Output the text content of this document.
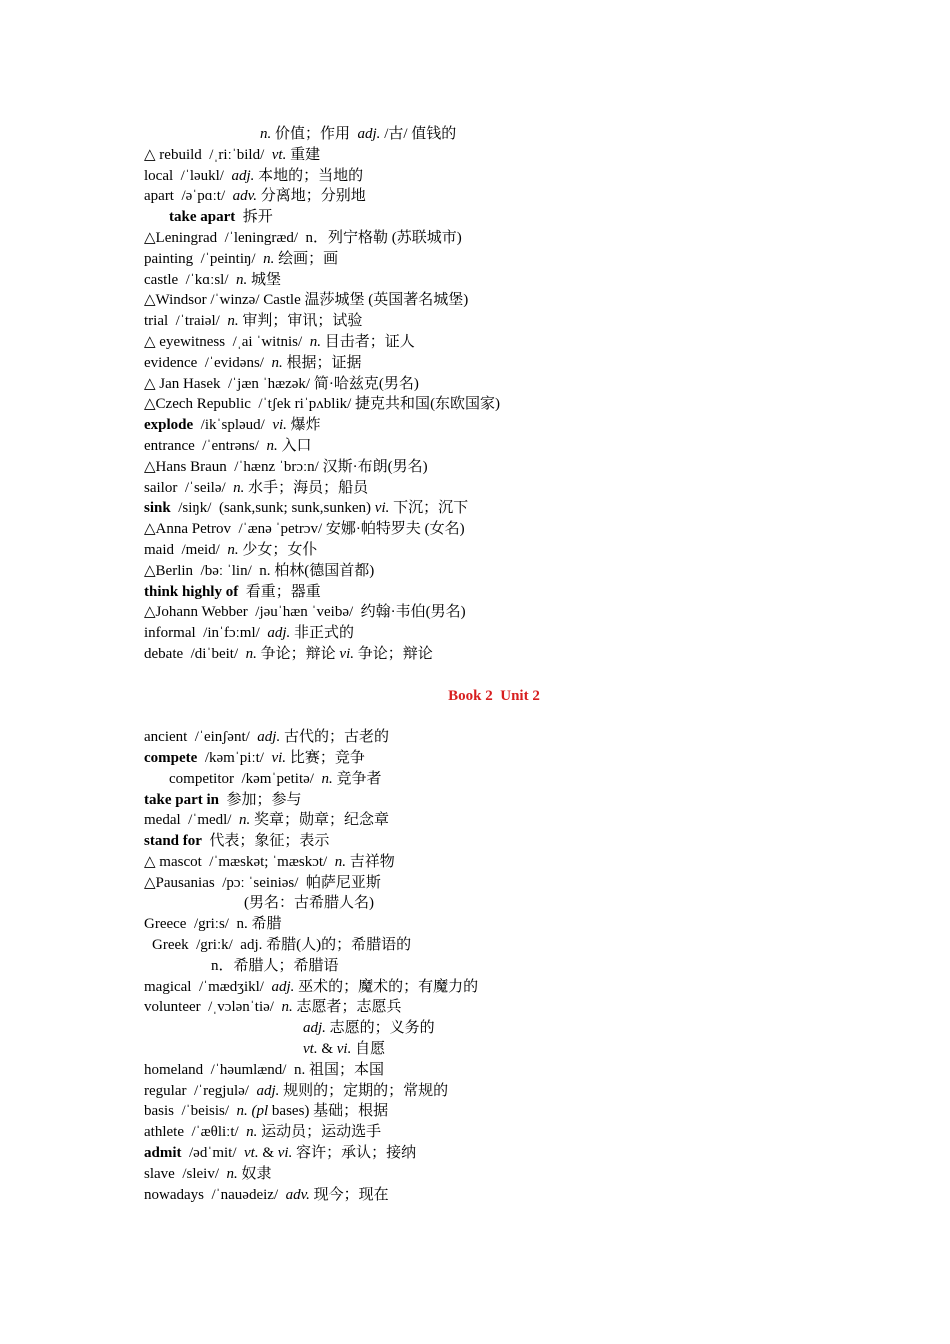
n. 价值；作用  adj. /古/ 值钱的
△ rebuild  /ˌriːˈbild/  vt. 重建
local  /ˈləukl/  adj. 本地的；当地的
apart  /əˈpɑːt/  adv. 分离地；分别地
take apart  拆开
△Leningrad  /ˈleningræd/  n．列宁格勒 (苏联城市)
painting  /ˈpeintiŋ/  n. 绘画；画
castle  /ˈkɑːsl/  n. 城堡
△Windsor /ˈwinzə/ Castle 温莎城堡 (英国著名城堡)
trial  /ˈtraiəl/  n. 审判；审讯；试验
△ eyewitness  /ˌai ˈwitnis/  n. 目击者；证人
evidence  /ˈevidəns/  n. 根据；证据
△ Jan Hasek  /ˈjæn ˈhæzək/ 简·哈兹克(男名)
△Czech Republic  /ˈtʃek riˈpʌblik/ 捷克共和国(东欧国家)
explode  /ikˈspləud/  vi. 爆炸
entrance  /ˈentrəns/  n. 入口
△Hans Braun  /ˈhænz ˈbrɔːn/ 汉斯·布朗(男名)
sailor  /ˈseilə/  n. 水手；海员；船员
sink  /siŋk/  (sank,sunk; sunk,sunken) vi. 下沉；沉下
△Anna Petrov  /ˈænə ˈpetrɔv/ 安娜·帕特罗夫 (女名)
maid  /meid/  n. 少女；女仆
△Berlin  /bəː ˈlin/  n. 柏林(德国首都)
think highly of  看重；器重
△Johann Webber  /jəuˈhæn ˈveibə/  约翰·韦伯(男名)
informal  /inˈfɔːml/  adj. 非正式的
debate  /diˈbeit/  n. 争论；辩论 vi. 争论；辩论
Book 2  Unit 2
ancient  /ˈeinʃənt/  adj. 古代的；古老的
compete  /kəmˈpiːt/  vi. 比赛；竞争
competitor  /kəmˈpetitə/  n. 竞争者
take part in  参加；参与
medal  /ˈmedl/  n. 奖章；勋章；纪念章
stand for  代表；象征；表示
△ mascot  /ˈmæskət; ˈmæskɔt/  n. 吉祥物
△Pausanias  /pɔː ˈseiniəs/  帕萨尼亚斯
(男名：古希腊人名)
Greece  /griːs/  n. 希腊
Greek  /griːk/  adj. 希腊(人)的；希腊语的
n．希腊人；希腊语
magical  /ˈmædʒikl/  adj. 巫术的；魔术的；有魔力的
volunteer  /ˌvɔlənˈtiə/  n. 志愿者；志愿兵
adj. 志愿的；义务的
vt. & vi. 自愿
homeland  /ˈhəumlænd/  n. 祖国；本国
regular  /ˈregjulə/  adj. 规则的；定期的；常规的
basis  /ˈbeisis/  n. (pl bases) 基础；根据
athlete  /ˈæθliːt/  n. 运动员；运动选手
admit  /ədˈmit/  vt. & vi. 容许；承认；接纳
slave  /sleiv/  n. 奴隶
nowadays  /ˈnauədeiz/  adv. 现今；现在
